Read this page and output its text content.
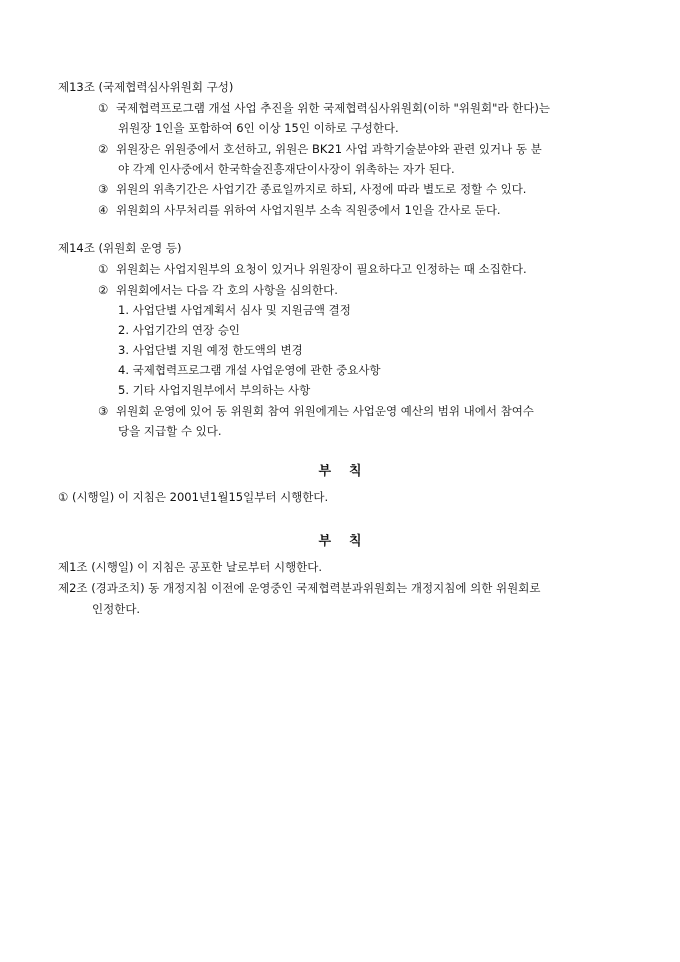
제13조 (국제협력심사위원회 구성)
① 국제협력프로그램 개설 사업 추진을 위한 국제협력심사위원회(이하 "위원회"라 한다)는
위원장 1인을 포함하여 6인 이상 15인 이하로 구성한다.
② 위원장은 위원중에서 호선하고, 위원은 BK21 사업 과학기술분야와 관련 있거나 동 분
야 각계 인사중에서 한국학술진흥재단이사장이 위촉하는 자가 된다.
③ 위원의 위촉기간은 사업기간 종료일까지로 하되, 사정에 따라 별도로 정할 수 있다.
④ 위원회의 사무처리를 위하여 사업지원부 소속 직원중에서 1인을 간사로 둔다.
제14조 (위원회 운영 등)
① 위원회는 사업지원부의 요청이 있거나 위원장이 필요하다고 인정하는 때 소집한다.
② 위원회에서는 다음 각 호의 사항을 심의한다.
1. 사업단별 사업계획서 심사 및 지원금액 결정
2. 사업기간의 연장 승인
3. 사업단별 지원 예정 한도액의 변경
4. 국제협력프로그램 개설 사업운영에 관한 중요사항
5. 기타 사업지원부에서 부의하는 사항
③ 위원회 운영에 있어 동 위원회 참여 위원에게는 사업운영 예산의 범위 내에서 참여수
당을 지급할 수 있다.
부 칙
① (시행일) 이 지침은 2001년1월15일부터 시행한다.
부 칙
제1조 (시행일) 이 지침은 공포한 날로부터 시행한다.
제2조 (경과조치) 동 개정지침 이전에 운영중인 국제협력분과위원회는 개정지침에 의한 위원회로
인정한다.
